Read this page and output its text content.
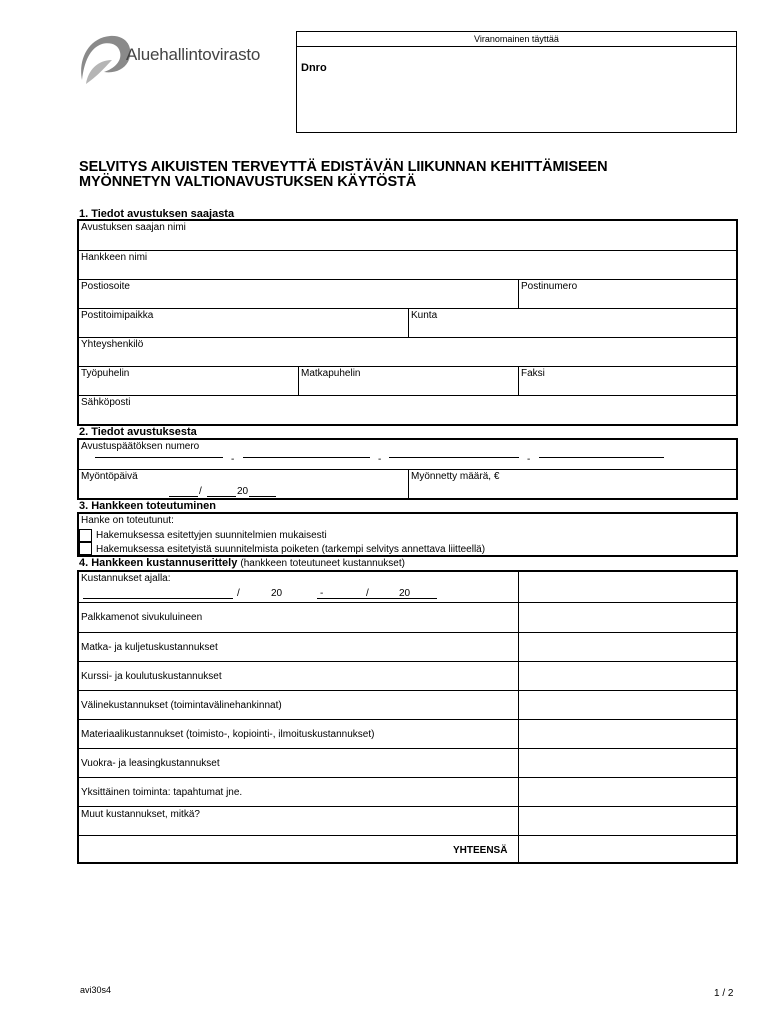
Aluehallintovirasto
Viranomainen täyttää
Dnro
SELVITYS AIKUISTEN TERVEYTTÄ EDISTÄVÄN LIIKUNNAN KEHITTÄMISEEN
MYÖNNETYN VALTIONAVUSTUKSEN KÄYTÖSTÄ
1. Tiedot avustuksen saajasta
Avustuksen saajan nimi
Hankkeen nimi
Postiosoite	Postinumero
Postitoimipaikka	Kunta
Yhteyshenkilö
Työpuhelin	Matkapuhelin	Faksi
Sähköposti
2. Tiedot avustuksesta
Avustuspäätöksen numero
-	-	-
Myöntöpäivä
/	20
Myönnetty määrä, €
3. Hankkeen toteutuminen
Hanke on toteutunut:
Hakemuksessa esitettyjen suunnitelmien mukaisesti
Hakemuksessa esitetyistä suunnitelmista poiketen (tarkempi selvitys annettava liitteellä)
4. Hankkeen kustannuserittely (hankkeen toteutuneet kustannukset)
Kustannukset ajalla:
/	20	-	/	20
Palkkamenot sivukuluineen
Matka- ja kuljetuskustannukset
Kurssi- ja koulutuskustannukset
Välinekustannukset (toimintavälinehankinnat)
Materiaalikustannukset (toimisto-, kopiointi-, ilmoituskustannukset)
Vuokra- ja leasingkustannukset
Yksittäinen toiminta: tapahtumat jne.
Muut kustannukset, mitkä?
YHTEENSÄ
avi30s4	1 / 2
